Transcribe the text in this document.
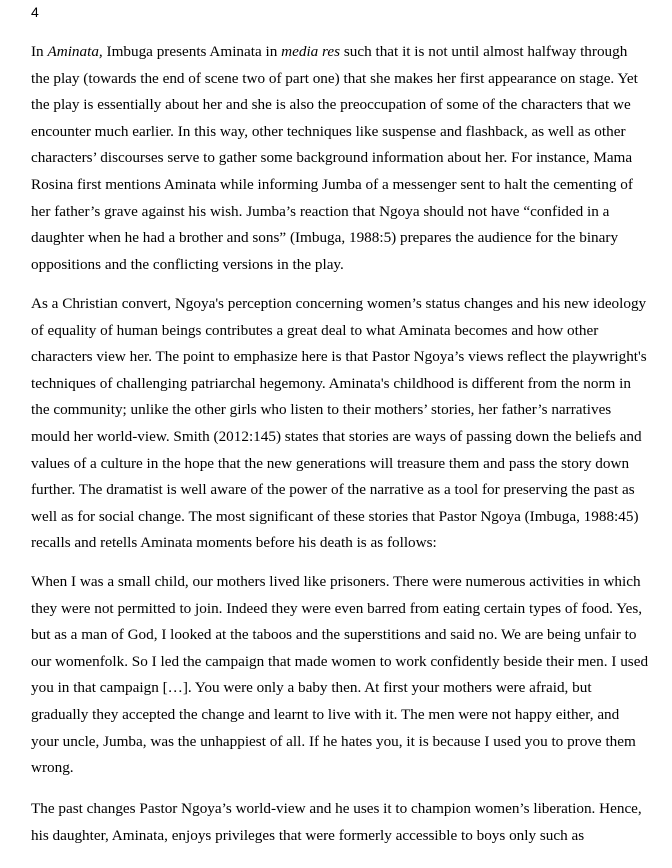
4

In Aminata, Imbuga presents Aminata in media res such that it is not until almost halfway through
the play (towards the end of scene two of part one) that she makes her first appearance on stage. Yet
the play is essentially about her and she is also the preoccupation of some of the characters that we
encounter much earlier. In this way, other techniques like suspense and flashback, as well as other
characters’ discourses serve to gather some background information about her. For instance, Mama
Rosina first mentions Aminata while informing Jumba of a messenger sent to halt the cementing of
her father’s grave against his wish. Jumba’s reaction that Ngoya should not have “confided in a
daughter when he had a brother and sons” (Imbuga, 1988:5) prepares the audience for the binary
oppositions and the conflicting versions in the play.

As a Christian convert, Ngoya's perception concerning women’s status changes and his new ideology
of equality of human beings contributes a great deal to what Aminata becomes and how other
characters view her. The point to emphasize here is that Pastor Ngoya’s views reflect the playwright's
techniques of challenging patriarchal hegemony. Aminata's childhood is different from the norm in
the community; unlike the other girls who listen to their mothers’ stories, her father’s narratives
mould her world-view. Smith (2012:145) states that stories are ways of passing down the beliefs and
values of a culture in the hope that the new generations will treasure them and pass the story down
further. The dramatist is well aware of the power of the narrative as a tool for preserving the past as
well as for social change. The most significant of these stories that Pastor Ngoya (Imbuga, 1988:45)
recalls and retells Aminata moments before his death is as follows:

When I was a small child, our mothers lived like prisoners. There were numerous activities in which
they were not permitted to join. Indeed they were even barred from eating certain types of food. Yes,
but as a man of God, I looked at the taboos and the superstitions and said no. We are being unfair to
our womenfolk. So I led the campaign that made women to work confidently beside their men. I used
you in that campaign […]. You were only a baby then. At first your mothers were afraid, but
gradually they accepted the change and learnt to live with it. The men were not happy either, and
your uncle, Jumba, was the unhappiest of all. If he hates you, it is because I used you to prove them
wrong.

The past changes Pastor Ngoya’s world-view and he uses it to champion women’s liberation. Hence,
his daughter, Aminata, enjoys privileges that were formerly accessible to boys only such as
